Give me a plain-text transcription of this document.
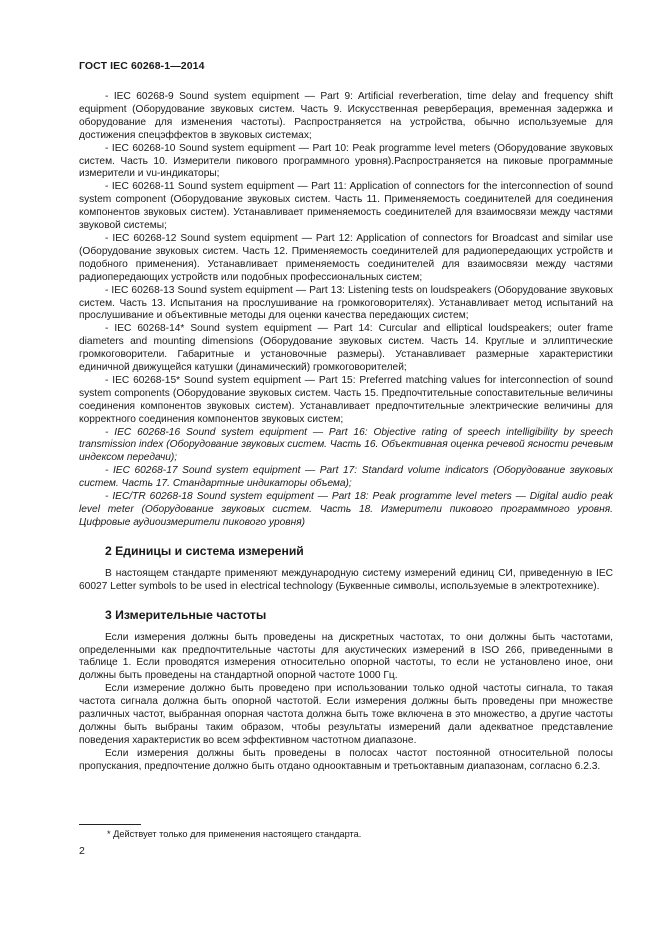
ГОСТ IEC 60268-1—2014

- IEC 60268-9 Sound system equipment — Part 9: Artificial reverberation, time delay and frequency shift equipment (Оборудование звуковых систем. Часть 9. Искусственная реверберация, временная задержка и оборудование для изменения частоты). Распространяется на устройства, обычно используемые для достижения спецэффектов в звуковых системах;

- IEC 60268-10 Sound system equipment — Part 10: Peak programme level meters (Оборудование звуковых систем. Часть 10. Измерители пикового программного уровня).Распространяется на пиковые программные измерители и vu-индикаторы;

- IEC 60268-11 Sound system equipment — Part 11: Application of connectors for the interconnection of sound system component (Оборудование звуковых систем. Часть 11. Применяемость соединителей для соединения компонентов звуковых систем). Устанавливает применяемость соединителей для взаимосвязи между частями звуковой системы;

- IEC 60268-12 Sound system equipment — Part 12: Application of connectors for Broadcast and similar use (Оборудование звуковых систем. Часть 12. Применяемость соединителей для радиопередающих устройств и подобного применения). Устанавливает применяемость соединителей для взаимосвязи между частями радиопередающих устройств или подобных профессиональных систем;

- IEC 60268-13 Sound system equipment — Part 13: Listening tests on loudspeakers (Оборудование звуковых систем. Часть 13. Испытания на прослушивание на громкоговорителях). Устанавливает метод испытаний на прослушивание и объективные методы для оценки качества передающих систем;

- IEC 60268-14* Sound system equipment — Part 14: Curcular and elliptical loudspeakers; outer frame diameters and mounting dimensions (Оборудование звуковых систем. Часть 14. Круглые и эллиптические громкоговорители. Габаритные и установочные размеры). Устанавливает размерные характеристики единичной движущейся катушки (динамический) громкоговорителей;

- IEC 60268-15* Sound system equipment — Part 15: Preferred matching values for interconnection of sound system components (Оборудование звуковых систем. Часть 15. Предпочтительные сопоставительные величины соединения компонентов звуковых систем). Устанавливает предпочтительные электрические величины для корректного соединения компонентов звуковых систем;

- IEC 60268-16 Sound system equipment — Part 16: Objective rating of speech intelligibility by speech transmission index (Оборудование звуковых систем. Часть 16. Объективная оценка речевой ясности речевым индексом передачи);

- IEC 60268-17 Sound system equipment — Part 17: Standard volume indicators (Оборудование звуковых систем. Часть 17. Стандартные индикаторы объема);

- IEC/TR 60268-18 Sound system equipment — Part 18: Peak programme level meters — Digital audio peak level meter (Оборудование звуковых систем. Часть 18. Измерители пикового программного уровня. Цифровые аудиоизмерители пикового уровня)

2 Единицы и система измерений

В настоящем стандарте применяют международную систему измерений единиц СИ, приведенную в IEC 60027 Letter symbols to be used in electrical technology (Буквенные символы, используемые в электротехнике).

3 Измерительные частоты

Если измерения должны быть проведены на дискретных частотах, то они должны быть частотами, определенными как предпочтительные частоты для акустических измерений в ISO 266, приведенными в таблице 1. Если проводятся измерения относительно опорной частоты, то если не установлено иное, они должны быть проведены на стандартной опорной частоте 1000 Гц.

Если измерение должно быть проведено при использовании только одной частоты сигнала, то такая частота сигнала должна быть опорной частотой. Если измерения должны быть проведены при множестве различных частот, выбранная опорная частота должна быть тоже включена в это множество, а другие частоты должны быть выбраны таким образом, чтобы результаты измерений дали адекватное представление поведения характеристик во всем эффективном частотном диапазоне.

Если измерения должны быть проведены в полосах частот постоянной относительной полосы пропускания, предпочтение должно быть отдано однооктавным и третьоктавным диапазонам, согласно 6.2.3.

* Действует только для применения настоящего стандарта.
2
